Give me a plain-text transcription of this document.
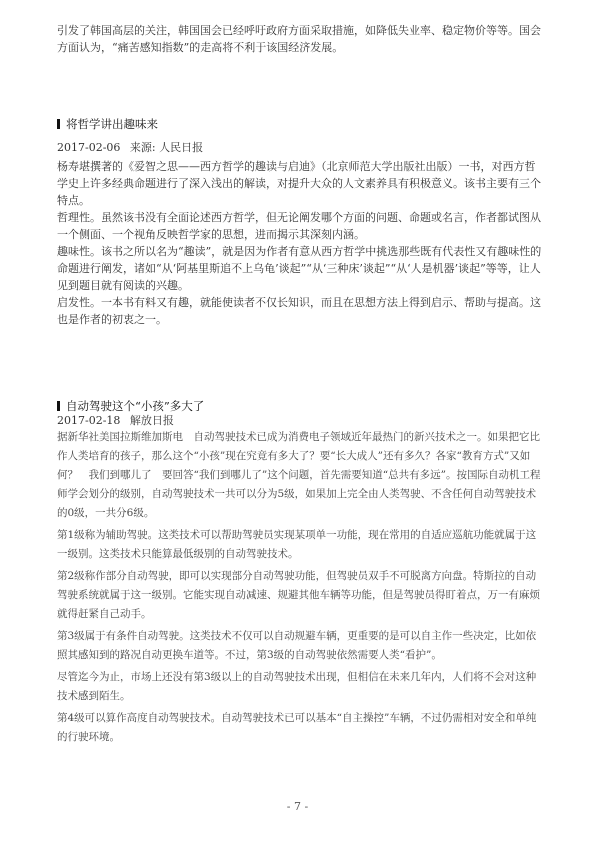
引发了韩国高层的关注，韩国国会已经呼吁政府方面采取措施，如降低失业率、稳定物价等等。国会方面认为，“痛苦感知指数”的走高将不利于该国经济发展。

将哲学讲出趣味来
2017-02-06 来源: 人民日报

杨寿堪撰著的《爱智之思——西方哲学的趣读与启迪》（北京师范大学出版社出版）一书，对西方哲学史上许多经典命题进行了深入浅出的解读，对提升大众的人文素养具有积极意义。该书主要有三个特点。

哲理性。虽然该书没有全面论述西方哲学，但无论阐发哪个方面的问题、命题或名言，作者都试图从一个侧面、一个视角反映哲学家的思想，进而揭示其深刻内涵。

趣味性。该书之所以名为“趣读”，就是因为作者有意从西方哲学中挑选那些既有代表性又有趣味性的命题进行阐发，诸如“从‘阿基里斯追不上乌龟’谈起”“从‘三种床’谈起”“从‘人是机器’谈起”等等，让人见到题目就有阅读的兴趣。

启发性。一本书有料又有趣，就能使读者不仅长知识，而且在思想方法上得到启示、帮助与提高。这也是作者的初衷之一。

自动驾驶这个“小孩”多大了
2017-02-18 解放日报

据新华社美国拉斯维加斯电　自动驾驶技术已成为消费电子领域近年最热门的新兴技术之一。如果把它比作人类培育的孩子，那么这个“小孩”现在究竟有多大了？要“长大成人”还有多久？各家“教育方式”又如何？　我们到哪儿了　要回答“我们到哪儿了”这个问题，首先需要知道“总共有多远”。按国际自动机工程师学会划分的级别，自动驾驶技术一共可以分为5级，如果加上完全由人类驾驶、不含任何自动驾驶技术的0级，一共分6级。

第1级称为辅助驾驶。这类技术可以帮助驾驶员实现某项单一功能，现在常用的自适应巡航功能就属于这一级别。这类技术只能算最低级别的自动驾驶技术。

第2级称作部分自动驾驶，即可以实现部分自动驾驶功能，但驾驶员双手不可脱离方向盘。特斯拉的自动驾驶系统就属于这一级别。它能实现自动减速、规避其他车辆等功能，但是驾驶员得盯着点，万一有麻烦就得赶紧自己动手。

第3级属于有条件自动驾驶。这类技术不仅可以自动规避车辆，更重要的是可以自主作一些决定，比如依照其感知到的路况自动更换车道等。不过，第3级的自动驾驶依然需要人类“看护”。

尽管迄今为止，市场上还没有第3级以上的自动驾驶技术出现，但相信在未来几年内，人们将不会对这种技术感到陌生。

第4级可以算作高度自动驾驶技术。自动驾驶技术已可以基本“自主操控”车辆，不过仍需相对安全和单纯的行驶环境。

- 7 -
